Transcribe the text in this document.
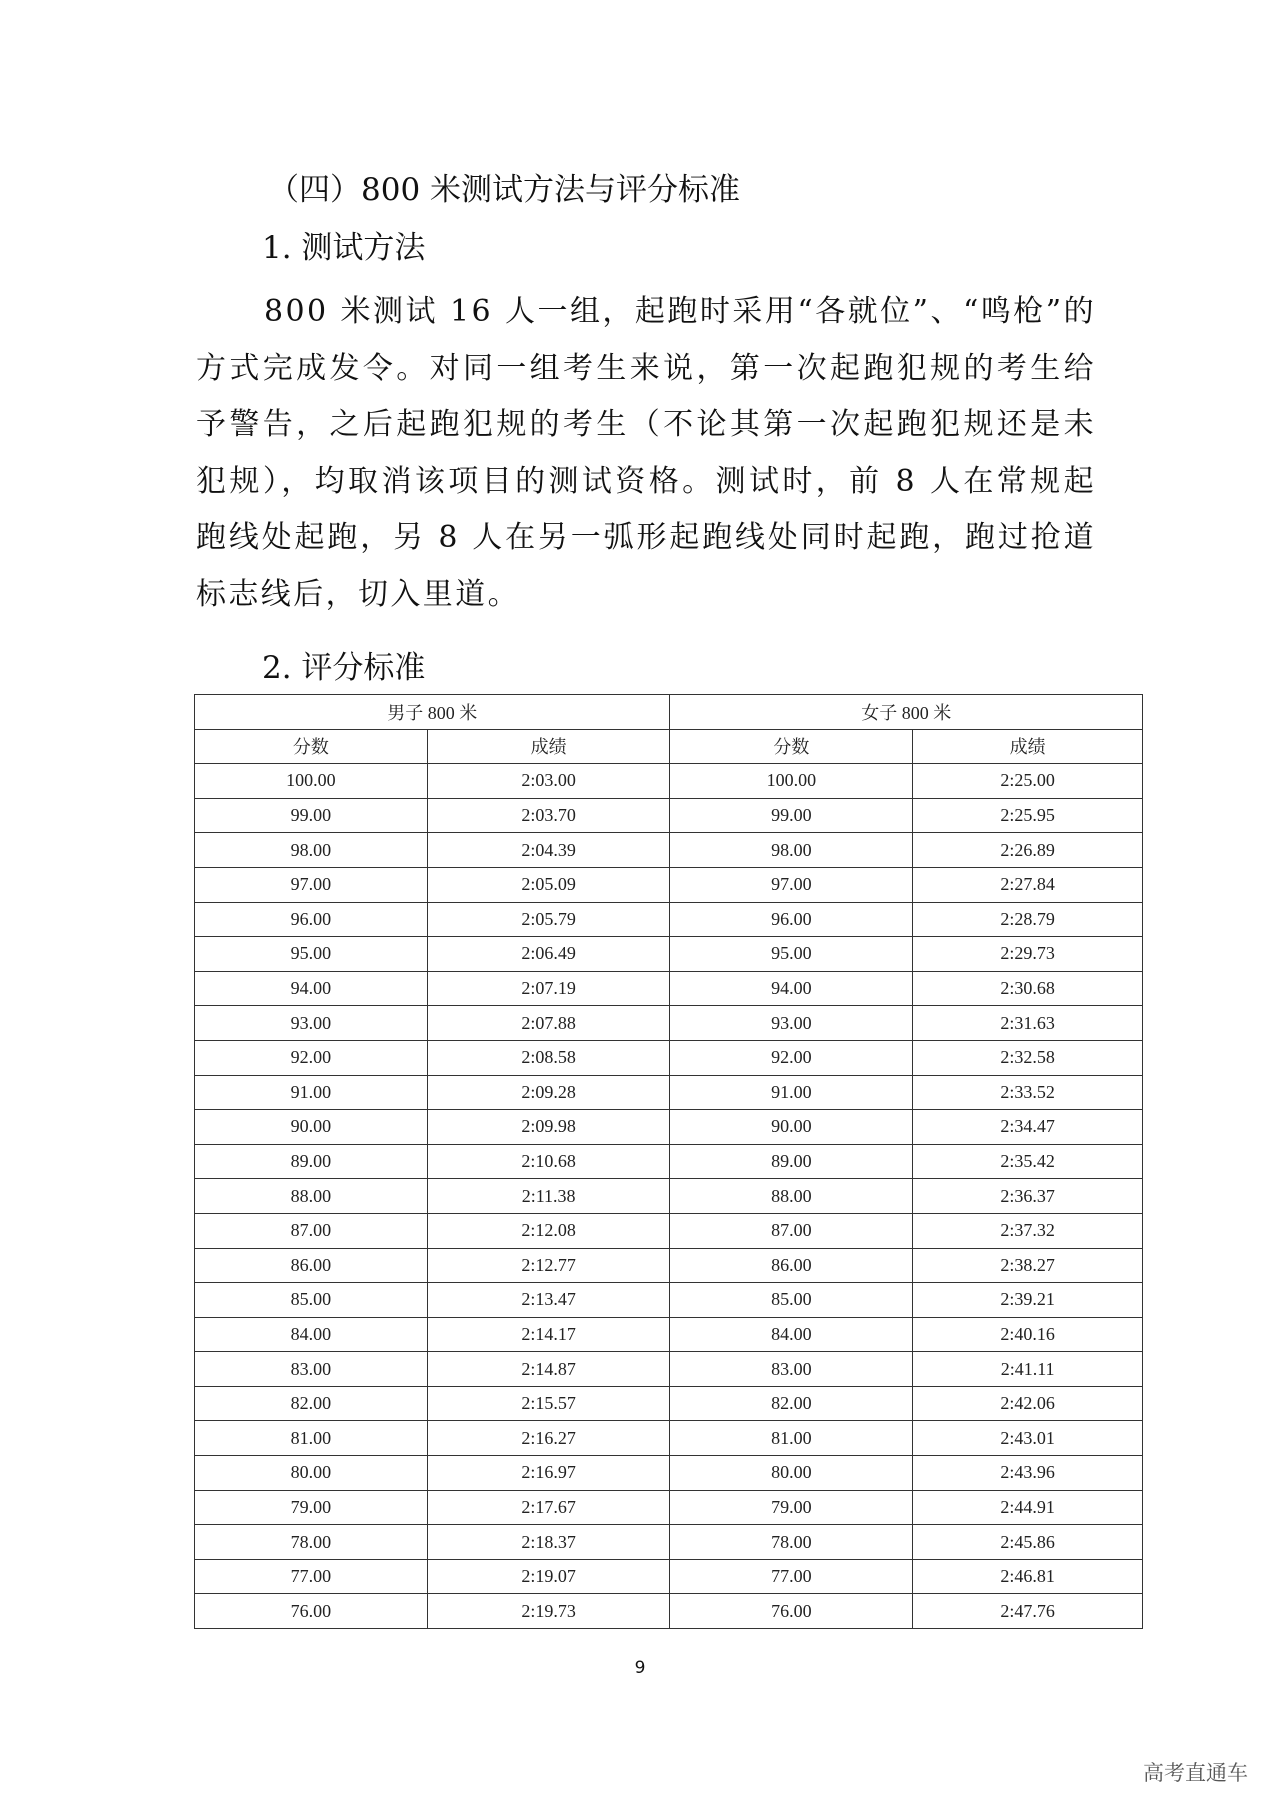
（四）800 米测试方法与评分标准
1. 测试方法
800 米测试 16 人一组，起跑时采用“各就位”、“鸣枪”的方式完成发令。对同一组考生来说，第一次起跑犯规的考生给予警告，之后起跑犯规的考生（不论其第一次起跑犯规还是未犯规），均取消该项目的测试资格。测试时，前 8 人在常规起跑线处起跑，另 8 人在另一弧形起跑线处同时起跑，跑过抢道标志线后，切入里道。
2. 评分标准
男子 800 米		女子 800 米	
分数	成绩	分数	成绩
100.00	2:03.00	100.00	2:25.00
99.00	2:03.70	99.00	2:25.95
98.00	2:04.39	98.00	2:26.89
97.00	2:05.09	97.00	2:27.84
96.00	2:05.79	96.00	2:28.79
95.00	2:06.49	95.00	2:29.73
94.00	2:07.19	94.00	2:30.68
93.00	2:07.88	93.00	2:31.63
92.00	2:08.58	92.00	2:32.58
91.00	2:09.28	91.00	2:33.52
90.00	2:09.98	90.00	2:34.47
89.00	2:10.68	89.00	2:35.42
88.00	2:11.38	88.00	2:36.37
87.00	2:12.08	87.00	2:37.32
86.00	2:12.77	86.00	2:38.27
85.00	2:13.47	85.00	2:39.21
84.00	2:14.17	84.00	2:40.16
83.00	2:14.87	83.00	2:41.11
82.00	2:15.57	82.00	2:42.06
81.00	2:16.27	81.00	2:43.01
80.00	2:16.97	80.00	2:43.96
79.00	2:17.67	79.00	2:44.91
78.00	2:18.37	78.00	2:45.86
77.00	2:19.07	77.00	2:46.81
76.00	2:19.73	76.00	2:47.76
9
高考直通车
